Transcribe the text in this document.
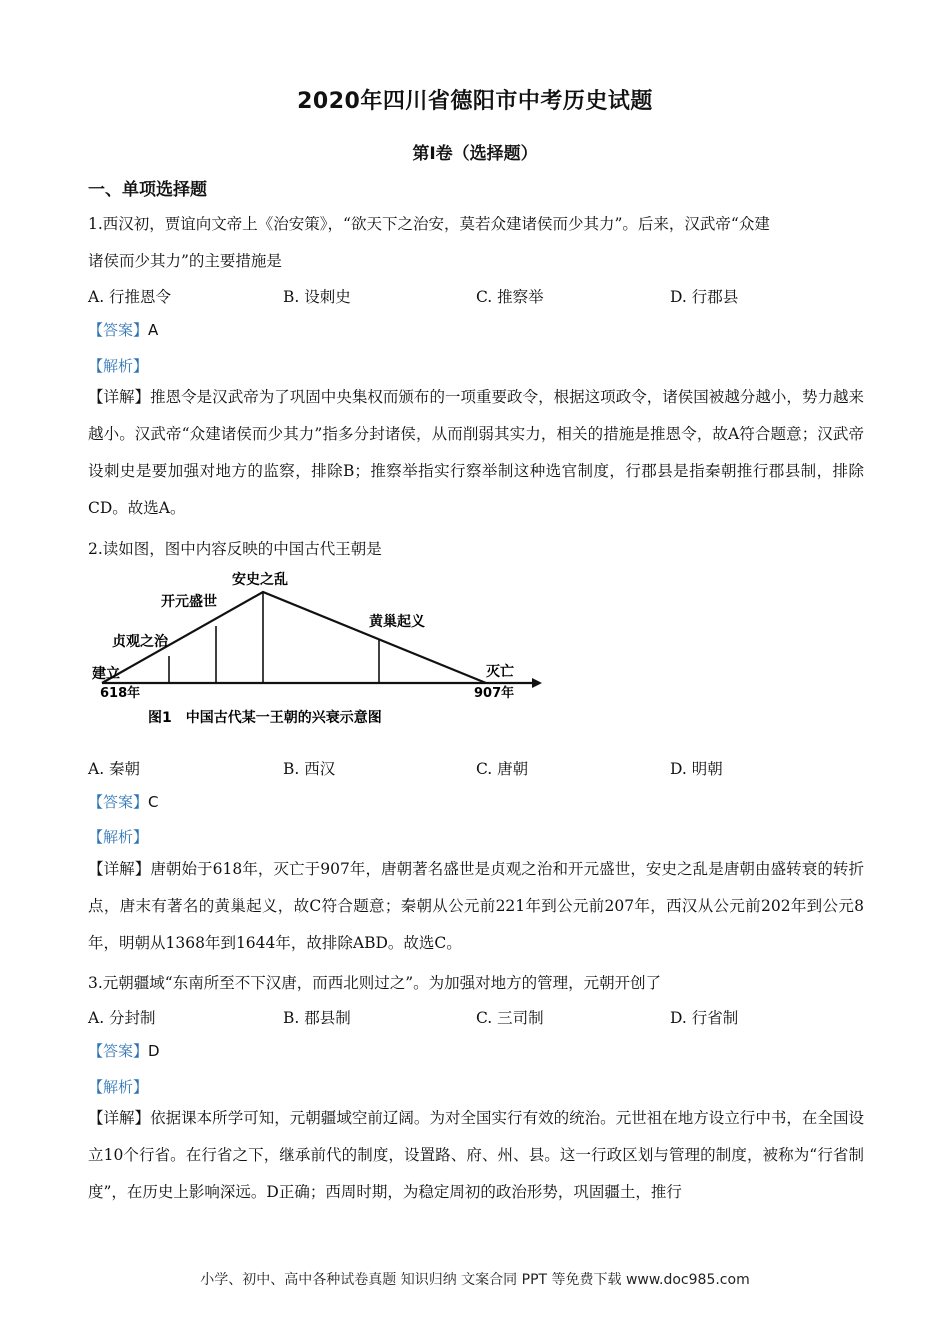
2020年四川省德阳市中考历史试题
第Ⅰ卷（选择题）
一、单项选择题
1.西汉初，贾谊向文帝上《治安策》，“欲天下之治安，莫若众建诸侯而少其力”。后来，汉武帝“众建
诸侯而少其力”的主要措施是
A. 行推恩令	B. 设刺史	C. 推察举	D. 行郡县
【答案】A
【解析】
【详解】推恩令是汉武帝为了巩固中央集权而颁布的一项重要政令，根据这项政令，诸侯国被越分越小，势力越来越小。汉武帝“众建诸侯而少其力”指多分封诸侯，从而削弱其实力，相关的措施是推恩令，故A符合题意；汉武帝设刺史是要加强对地方的监察，排除B；推察举指实行察举制这种选官制度，行郡县是指秦朝推行郡县制，排除CD。故选A。
2.读如图，图中内容反映的中国古代王朝是
建立
618年
贞观之治
开元盛世
安史之乱
黄巢起义
灭亡
907年
图1　中国古代某一王朝的兴衰示意图
A. 秦朝	B. 西汉	C. 唐朝	D. 明朝
【答案】C
【解析】
【详解】唐朝始于618年，灭亡于907年，唐朝著名盛世是贞观之治和开元盛世，安史之乱是唐朝由盛转衰的转折点，唐末有著名的黄巢起义，故C符合题意；秦朝从公元前221年到公元前207年，西汉从公元前202年到公元8年，明朝从1368年到1644年，故排除ABD。故选C。
3.元朝疆域“东南所至不下汉唐，而西北则过之”。为加强对地方的管理，元朝开创了
A. 分封制	B. 郡县制	C. 三司制	D. 行省制
【答案】D
【解析】
【详解】依据课本所学可知，元朝疆域空前辽阔。为对全国实行有效的统治。元世祖在地方设立行中书，在全国设立10个行省。在行省之下，继承前代的制度，设置路、府、州、县。这一行政区划与管理的制度，被称为“行省制度”，在历史上影响深远。D正确；西周时期，为稳定周初的政治形势，巩固疆土，推行
小学、初中、高中各种试卷真题 知识归纳 文案合同 PPT 等免费下载 www.doc985.com
